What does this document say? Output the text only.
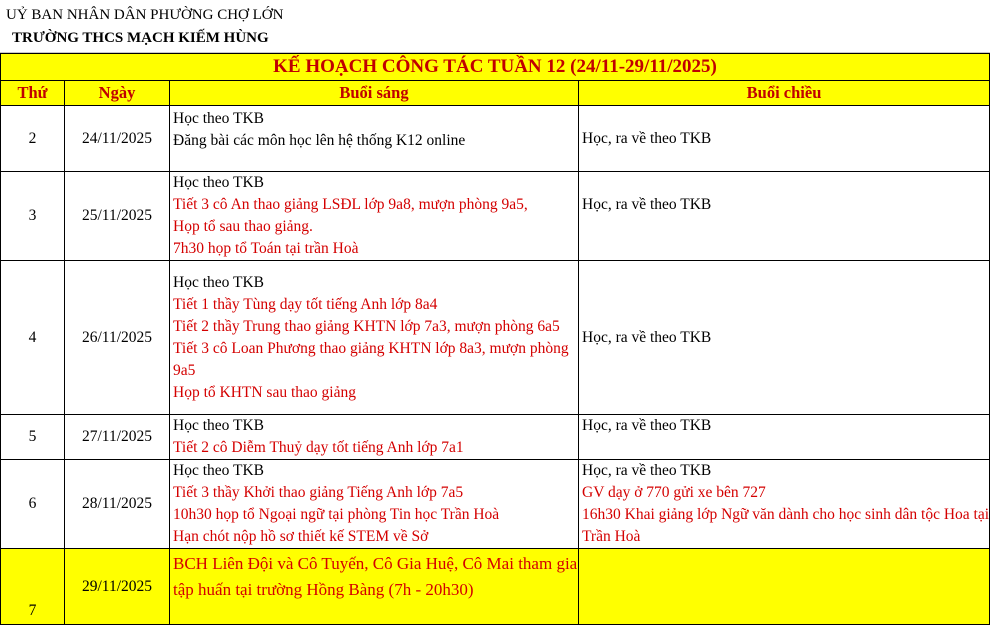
UỶ BAN NHÂN DÂN PHƯỜNG CHỢ LỚN
TRƯỜNG THCS MẠCH KIẾM HÙNG
KẾ HOẠCH CÔNG TÁC TUẦN 12 (24/11-29/11/2025)			
Thứ	Ngày	Buổi sáng	Buổi chiều
2	24/11/2025	Học theo TKB
Đăng bài các môn học lên hệ thống K12 online	Học, ra về theo TKB

3	25/11/2025	Học theo TKB
Tiết 3 cô An thao giảng LSĐL lớp 9a8, mượn phòng 9a5,
Họp tổ sau thao giảng.
7h30 họp tổ Toán tại trần Hoà	Học, ra về theo TKB

4	26/11/2025	Học theo TKB
Tiết 1 thầy Tùng dạy tốt tiếng Anh lớp 8a4
Tiết 2 thầy Trung thao giảng KHTN lớp 7a3, mượn phòng 6a5
Tiết 3 cô Loan Phương thao giảng KHTN lớp 8a3, mượn phòng 9a5
Họp tổ KHTN sau thao giảng	Học, ra về theo TKB

5	27/11/2025	Học theo TKB
Tiết 2 cô Diễm Thuỷ dạy tốt tiếng Anh lớp 7a1	Học, ra về theo TKB

6	28/11/2025	Học theo TKB
Tiết 3 thầy Khởi thao giảng Tiếng Anh lớp 7a5
10h30 họp tổ Ngoại ngữ tại phòng Tin học Trần Hoà
Hạn chót nộp hồ sơ thiết kế STEM về Sở	Học, ra về theo TKB
GV dạy ở 770 gửi xe bên 727
16h30 Khai giảng lớp Ngữ văn dành cho học sinh dân tộc Hoa tại Trần Hoà

7	29/11/2025	BCH Liên Đội và Cô Tuyến, Cô Gia Huệ, Cô Mai tham gia tập huấn tại trường Hồng Bàng (7h - 20h30)	
